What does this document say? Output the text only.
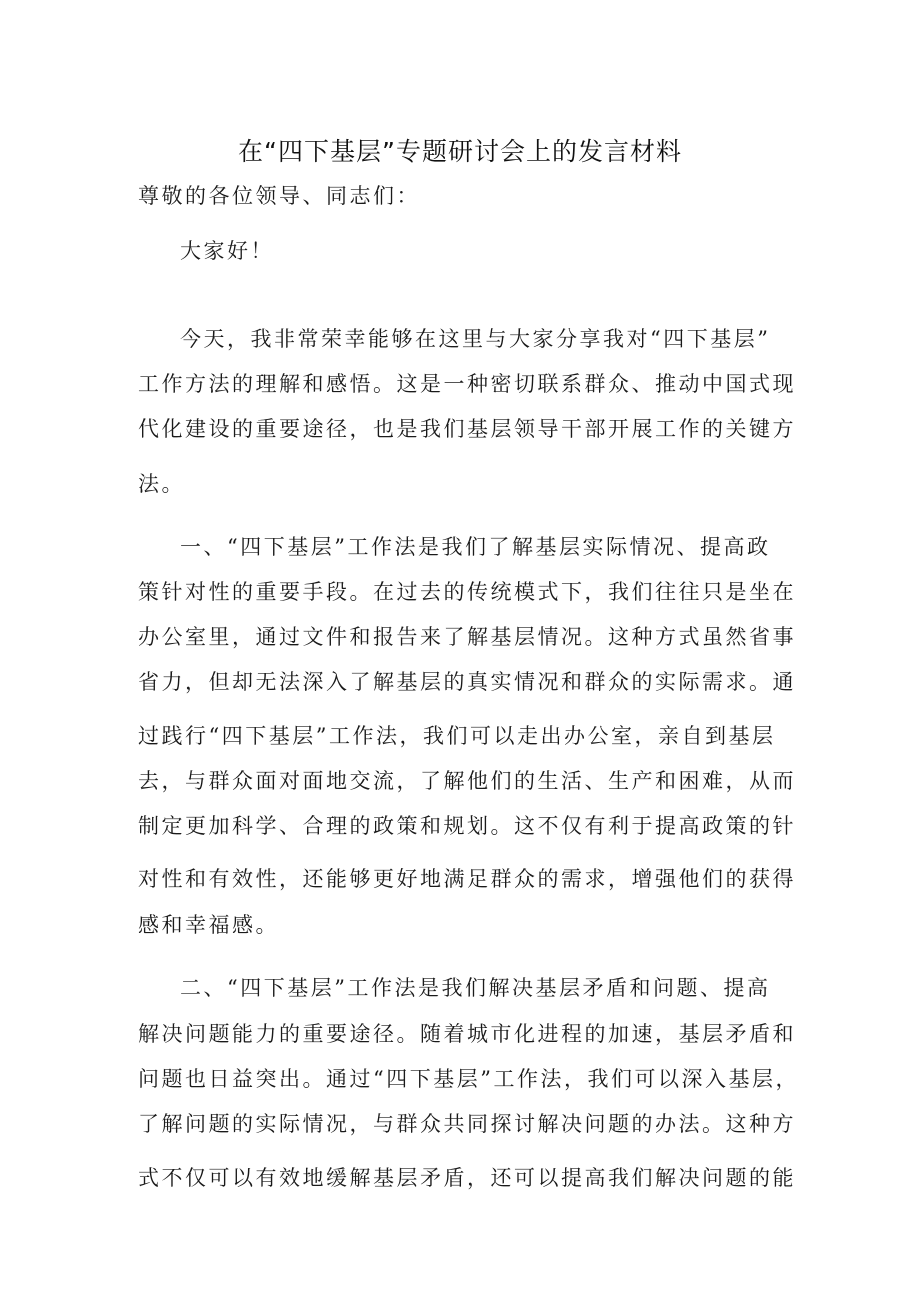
在“四下基层”专题研讨会上的发言材料
尊敬的各位领导、同志们：
大家好！
今天，我非常荣幸能够在这里与大家分享我对“四下基层”
工作方法的理解和感悟。这是一种密切联系群众、推动中国式现
代化建设的重要途径，也是我们基层领导干部开展工作的关键方
法。
一、“四下基层”工作法是我们了解基层实际情况、提高政
策针对性的重要手段。在过去的传统模式下，我们往往只是坐在
办公室里，通过文件和报告来了解基层情况。这种方式虽然省事
省力，但却无法深入了解基层的真实情况和群众的实际需求。通
过践行“四下基层”工作法，我们可以走出办公室，亲自到基层
去，与群众面对面地交流，了解他们的生活、生产和困难，从而
制定更加科学、合理的政策和规划。这不仅有利于提高政策的针
对性和有效性，还能够更好地满足群众的需求，增强他们的获得
感和幸福感。
二、“四下基层”工作法是我们解决基层矛盾和问题、提高
解决问题能力的重要途径。随着城市化进程的加速，基层矛盾和
问题也日益突出。通过“四下基层”工作法，我们可以深入基层，
了解问题的实际情况，与群众共同探讨解决问题的办法。这种方
式不仅可以有效地缓解基层矛盾，还可以提高我们解决问题的能
